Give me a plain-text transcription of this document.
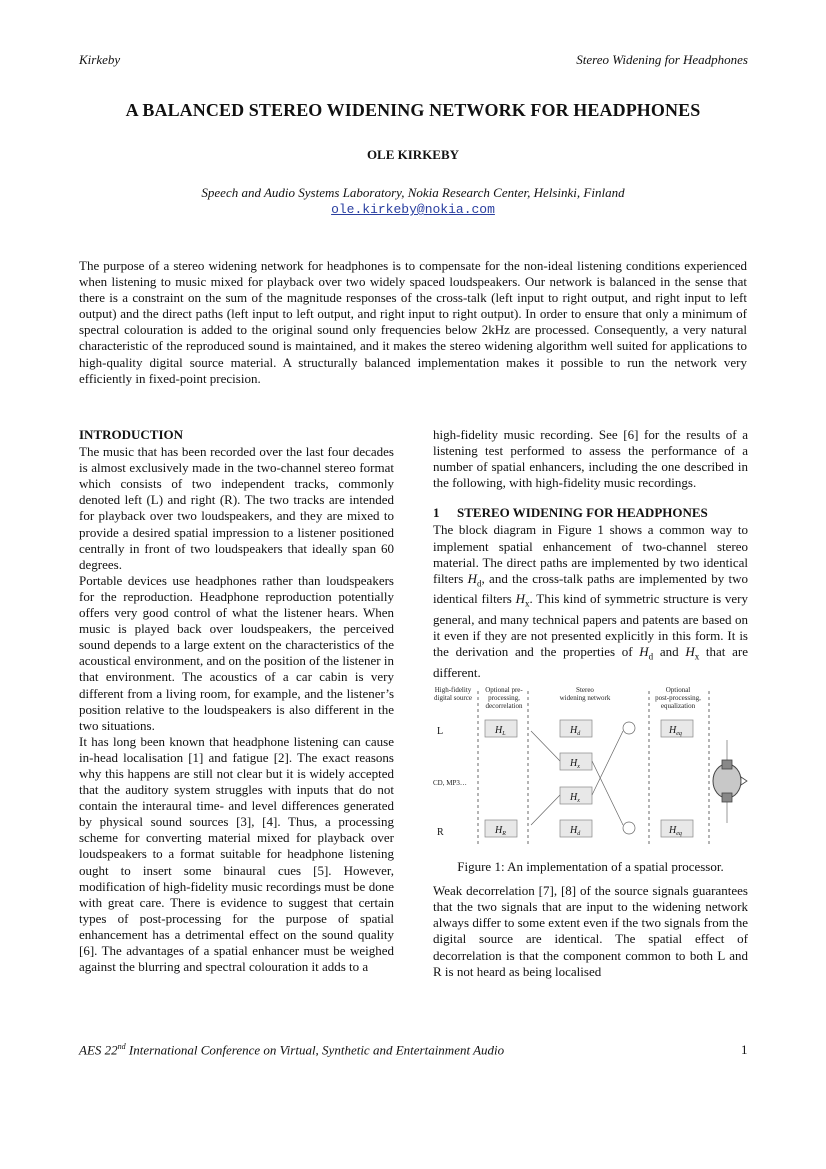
Kirkeby	Stereo Widening for Headphones
A BALANCED STEREO WIDENING NETWORK FOR HEADPHONES
OLE KIRKEBY
Speech and Audio Systems Laboratory, Nokia Research Center, Helsinki, Finland
ole.kirkeby@nokia.com
The purpose of a stereo widening network for headphones is to compensate for the non-ideal listening conditions experienced when listening to music mixed for playback over two widely spaced loudspeakers. Our network is balanced in the sense that there is a constraint on the sum of the magnitude responses of the cross-talk (left input to right output, and right input to left output) and the direct paths (left input to left output, and right input to right output). In order to ensure that only a minimum of spectral colouration is added to the original sound only frequencies below 2kHz are processed. Consequently, a very natural characteristic of the reproduced sound is maintained, and it makes the stereo widening algorithm well suited for applications to high-quality digital source material. A structurally balanced implementation makes it possible to run the network very efficiently in fixed-point precision.
INTRODUCTION

The music that has been recorded over the last four decades is almost exclusively made in the two-channel stereo format which consists of two independent tracks, commonly denoted left (L) and right (R). The two tracks are intended for playback over two loudspeakers, and they are mixed to provide a desired spatial impression to a listener positioned centrally in front of two loudspeakers that ideally span 60 degrees.

Portable devices use headphones rather than loudspeakers for the reproduction. Headphone reproduction potentially offers very good control of what the listener hears. When music is played back over loudspeakers, the perceived sound depends to a large extent on the characteristics of the acoustical environment, and on the position of the listener in that environment. The acoustics of a car cabin is very different from a living room, for example, and the listener’s position relative to the loudspeakers is also different in the two situations.

It has long been known that headphone listening can cause in-head localisation [1] and fatigue [2]. The exact reasons why this happens are still not clear but it is widely accepted that the auditory system struggles with inputs that do not contain the interaural time- and level differences generated by physical sound sources [3], [4]. Thus, a processing scheme for converting material mixed for playback over loudspeakers to a format suitable for headphone listening ought to insert some binaural cues [5]. However, modification of high-fidelity music recordings must be done with great care. There is evidence to suggest that certain types of post-processing for the purpose of spatial enhancement has a detrimental effect on the sound quality [6]. The advantages of a spatial enhancer must be weighed against the blurring and spectral colouration it adds to a

high-fidelity music recording. See [6] for the results of a listening test performed to assess the performance of a number of spatial enhancers, including the one described in the following, with high-fidelity music recordings.

1 STEREO WIDENING FOR HEADPHONES

The block diagram in Figure 1 shows a common way to implement spatial enhancement of two-channel stereo material. The direct paths are implemented by two identical filters $H_d$, and the cross-talk paths are implemented by two identical filters $H_x$. This kind of symmetric structure is very general, and many technical papers and patents are based on it even if they are not presented explicitly in this form. It is the derivation and the properties of $H_d$ and $H_x$ that are different.

High-fidelity
digital source
Optional pre-
processing,
decorrelation
Stereo
widening network
Optional
post-processing,
equalization
L
R
CD, MP3…
$H_L$
$H_R$
$H_d$
$H_x$
$H_x$
$H_d$
$H_{eq}$
$H_{eq}$
Figure 1: An implementation of a spatial processor.

Weak decorrelation [7], [8] of the source signals guarantees that the two signals that are input to the widening network always differ to some extent even if the two signals from the digital source are identical. The spatial effect of decorrelation is that the component common to both L and R is not heard as being localised

AES 22nd International Conference on Virtual, Synthetic and Entertainment Audio	1
